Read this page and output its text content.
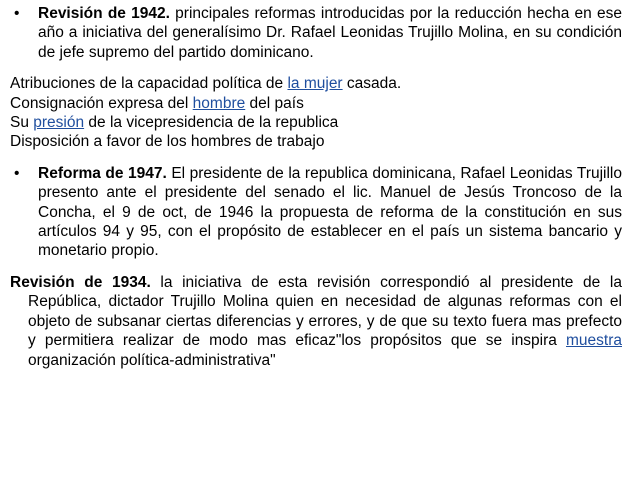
• Revisión de 1942. principales reformas introducidas por la reducción hecha en ese año a iniciativa del generalísimo Dr. Rafael Leonidas Trujillo Molina, en su condición de jefe supremo del partido dominicano.

Atribuciones de la capacidad política de la mujer casada.

Consignación expresa del hombre del país

Su presión de la vicepresidencia de la republica

Disposición a favor de los hombres de trabajo

• Reforma de 1947. El presidente de la republica dominicana, Rafael Leonidas Trujillo presento ante el presidente del senado el lic. Manuel de Jesús Troncoso de la Concha, el 9 de oct, de 1946 la propuesta de reforma de la constitución en sus artículos 94 y 95, con el propósito de establecer en el país un sistema bancario y monetario propio.
Revisión de 1934. la iniciativa de esta revisión correspondió al presidente de la República, dictador Trujillo Molina quien en necesidad de algunas reformas con el objeto de subsanar ciertas diferencias y errores, y de que su texto fuera mas prefecto y permitiera realizar de modo mas eficaz"los propósitos que se inspira muestra organización política-administrativa"
